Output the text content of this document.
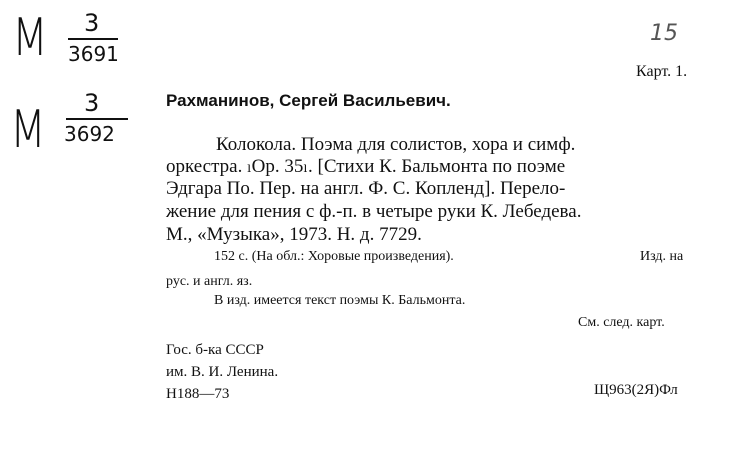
М 3
3691
М 3
3692
15
Карт. 1.
Рахманинов, Сергей Васильевич.
Колокола. Поэма для солистов, хора и симф.
оркестра. ₗОр. 35ₗ. [Стихи К. Бальмонта по поэме
Эдгара По. Пер. на англ. Ф. С. Копленд]. Перело-
жение для пения с ф.-п. в четыре руки К. Лебедева.
М., «Музыка», 1973. Н. д. 7729.
152 с. (На обл.: Хоровые произведения).	Изд. на
рус. и англ. яз.
В изд. имеется текст поэмы К. Бальмонта.
См. след. карт.
Гос. б-ка СССР
им. В. И. Ленина.
Н188—73	Щ963(2Я)Фл
